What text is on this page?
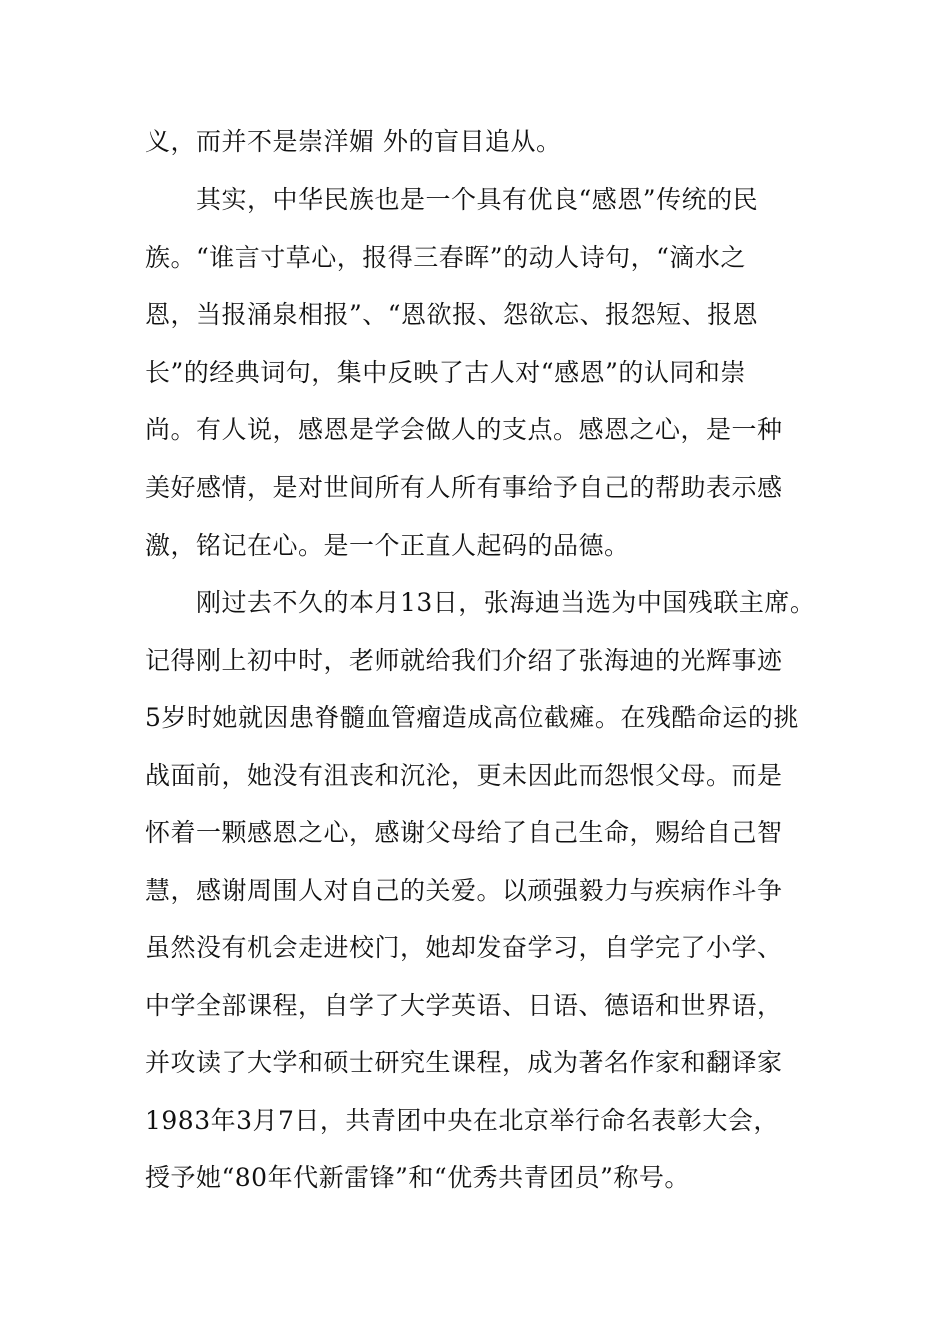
义，而并不是崇洋媚 外的盲目追从。
其实，中华民族也是一个具有优良“感恩”传统的民
族。“谁言寸草心，报得三春晖”的动人诗句，“滴水之
恩，当报涌泉相报”、“恩欲报、怨欲忘、报怨短、报恩
长”的经典词句，集中反映了古人对“感恩”的认同和崇
尚。有人说，感恩是学会做人的支点。感恩之心，是一种
美好感情，是对世间所有人所有事给予自己的帮助表示感
激，铭记在心。是一个正直人起码的品德。
刚过去不久的本月13日，张海迪当选为中国残联主席。
记得刚上初中时，老师就给我们介绍了张海迪的光辉事迹
5岁时她就因患脊髓血管瘤造成高位截瘫。在残酷命运的挑
战面前，她没有沮丧和沉沦，更未因此而怨恨父母。而是
怀着一颗感恩之心，感谢父母给了自己生命，赐给自己智
慧，感谢周围人对自己的关爱。以顽强毅力与疾病作斗争
虽然没有机会走进校门，她却发奋学习，自学完了小学、
中学全部课程，自学了大学英语、日语、德语和世界语，
并攻读了大学和硕士研究生课程，成为著名作家和翻译家
1983年3月7日，共青团中央在北京举行命名表彰大会，
授予她“80年代新雷锋”和“优秀共青团员”称号。
